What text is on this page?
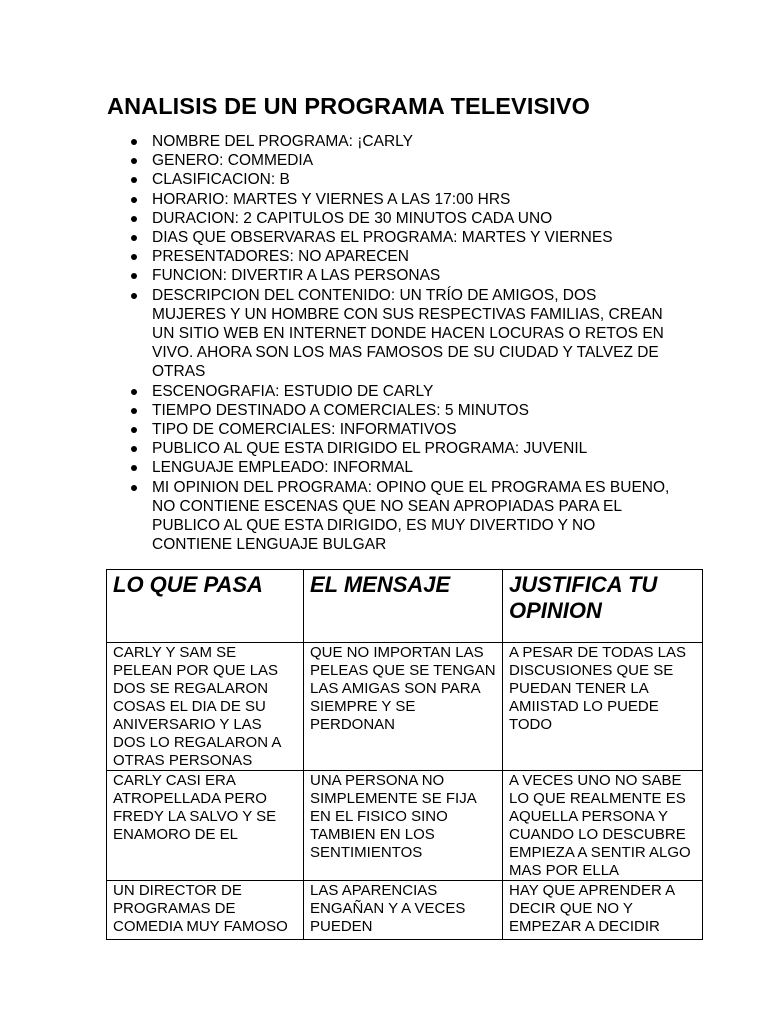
ANALISIS DE UN PROGRAMA TELEVISIVO
NOMBRE DEL PROGRAMA: ¡CARLY
GENERO: COMMEDIA
CLASIFICACION: B
HORARIO: MARTES Y VIERNES A LAS 17:00 HRS
DURACION: 2 CAPITULOS DE 30 MINUTOS CADA UNO
DIAS QUE OBSERVARAS EL PROGRAMA: MARTES Y VIERNES
PRESENTADORES: NO APARECEN
FUNCION: DIVERTIR A LAS PERSONAS
DESCRIPCION DEL CONTENIDO: UN TRÍO DE AMIGOS, DOS MUJERES Y UN HOMBRE CON SUS RESPECTIVAS FAMILIAS, CREAN UN SITIO WEB EN INTERNET DONDE HACEN LOCURAS O RETOS EN VIVO. AHORA SON LOS MAS FAMOSOS DE SU CIUDAD Y TALVEZ DE OTRAS
ESCENOGRAFIA: ESTUDIO DE CARLY
TIEMPO DESTINADO A COMERCIALES: 5 MINUTOS
TIPO DE COMERCIALES: INFORMATIVOS
PUBLICO AL QUE ESTA DIRIGIDO EL PROGRAMA: JUVENIL
LENGUAJE EMPLEADO: INFORMAL
MI OPINION DEL PROGRAMA: OPINO QUE EL PROGRAMA ES BUENO, NO CONTIENE ESCENAS QUE NO SEAN APROPIADAS PARA EL PUBLICO AL QUE ESTA DIRIGIDO, ES MUY DIVERTIDO Y NO CONTIENE LENGUAJE BULGAR
LO QUE PASA	EL MENSAJE	JUSTIFICA TU OPINION
CARLY Y SAM SE PELEAN POR QUE LAS DOS SE REGALARON COSAS EL DIA DE SU ANIVERSARIO Y LAS DOS LO REGALARON A OTRAS PERSONAS	QUE NO IMPORTAN LAS PELEAS QUE SE TENGAN LAS AMIGAS SON PARA SIEMPRE Y SE PERDONAN	A PESAR DE TODAS LAS DISCUSIONES QUE SE PUEDAN TENER LA AMIISTAD LO PUEDE TODO
CARLY CASI ERA ATROPELLADA PERO FREDY LA SALVO Y SE ENAMORO DE EL	UNA PERSONA NO SIMPLEMENTE SE FIJA EN EL FISICO SINO TAMBIEN EN LOS SENTIMIENTOS	A VECES UNO NO SABE LO QUE REALMENTE ES AQUELLA PERSONA Y CUANDO LO DESCUBRE EMPIEZA A SENTIR ALGO MAS POR ELLA
UN DIRECTOR DE PROGRAMAS DE COMEDIA MUY FAMOSO	LAS APARENCIAS ENGAÑAN Y A VECES PUEDEN	HAY QUE APRENDER A DECIR QUE NO Y EMPEZAR A DECIDIR
